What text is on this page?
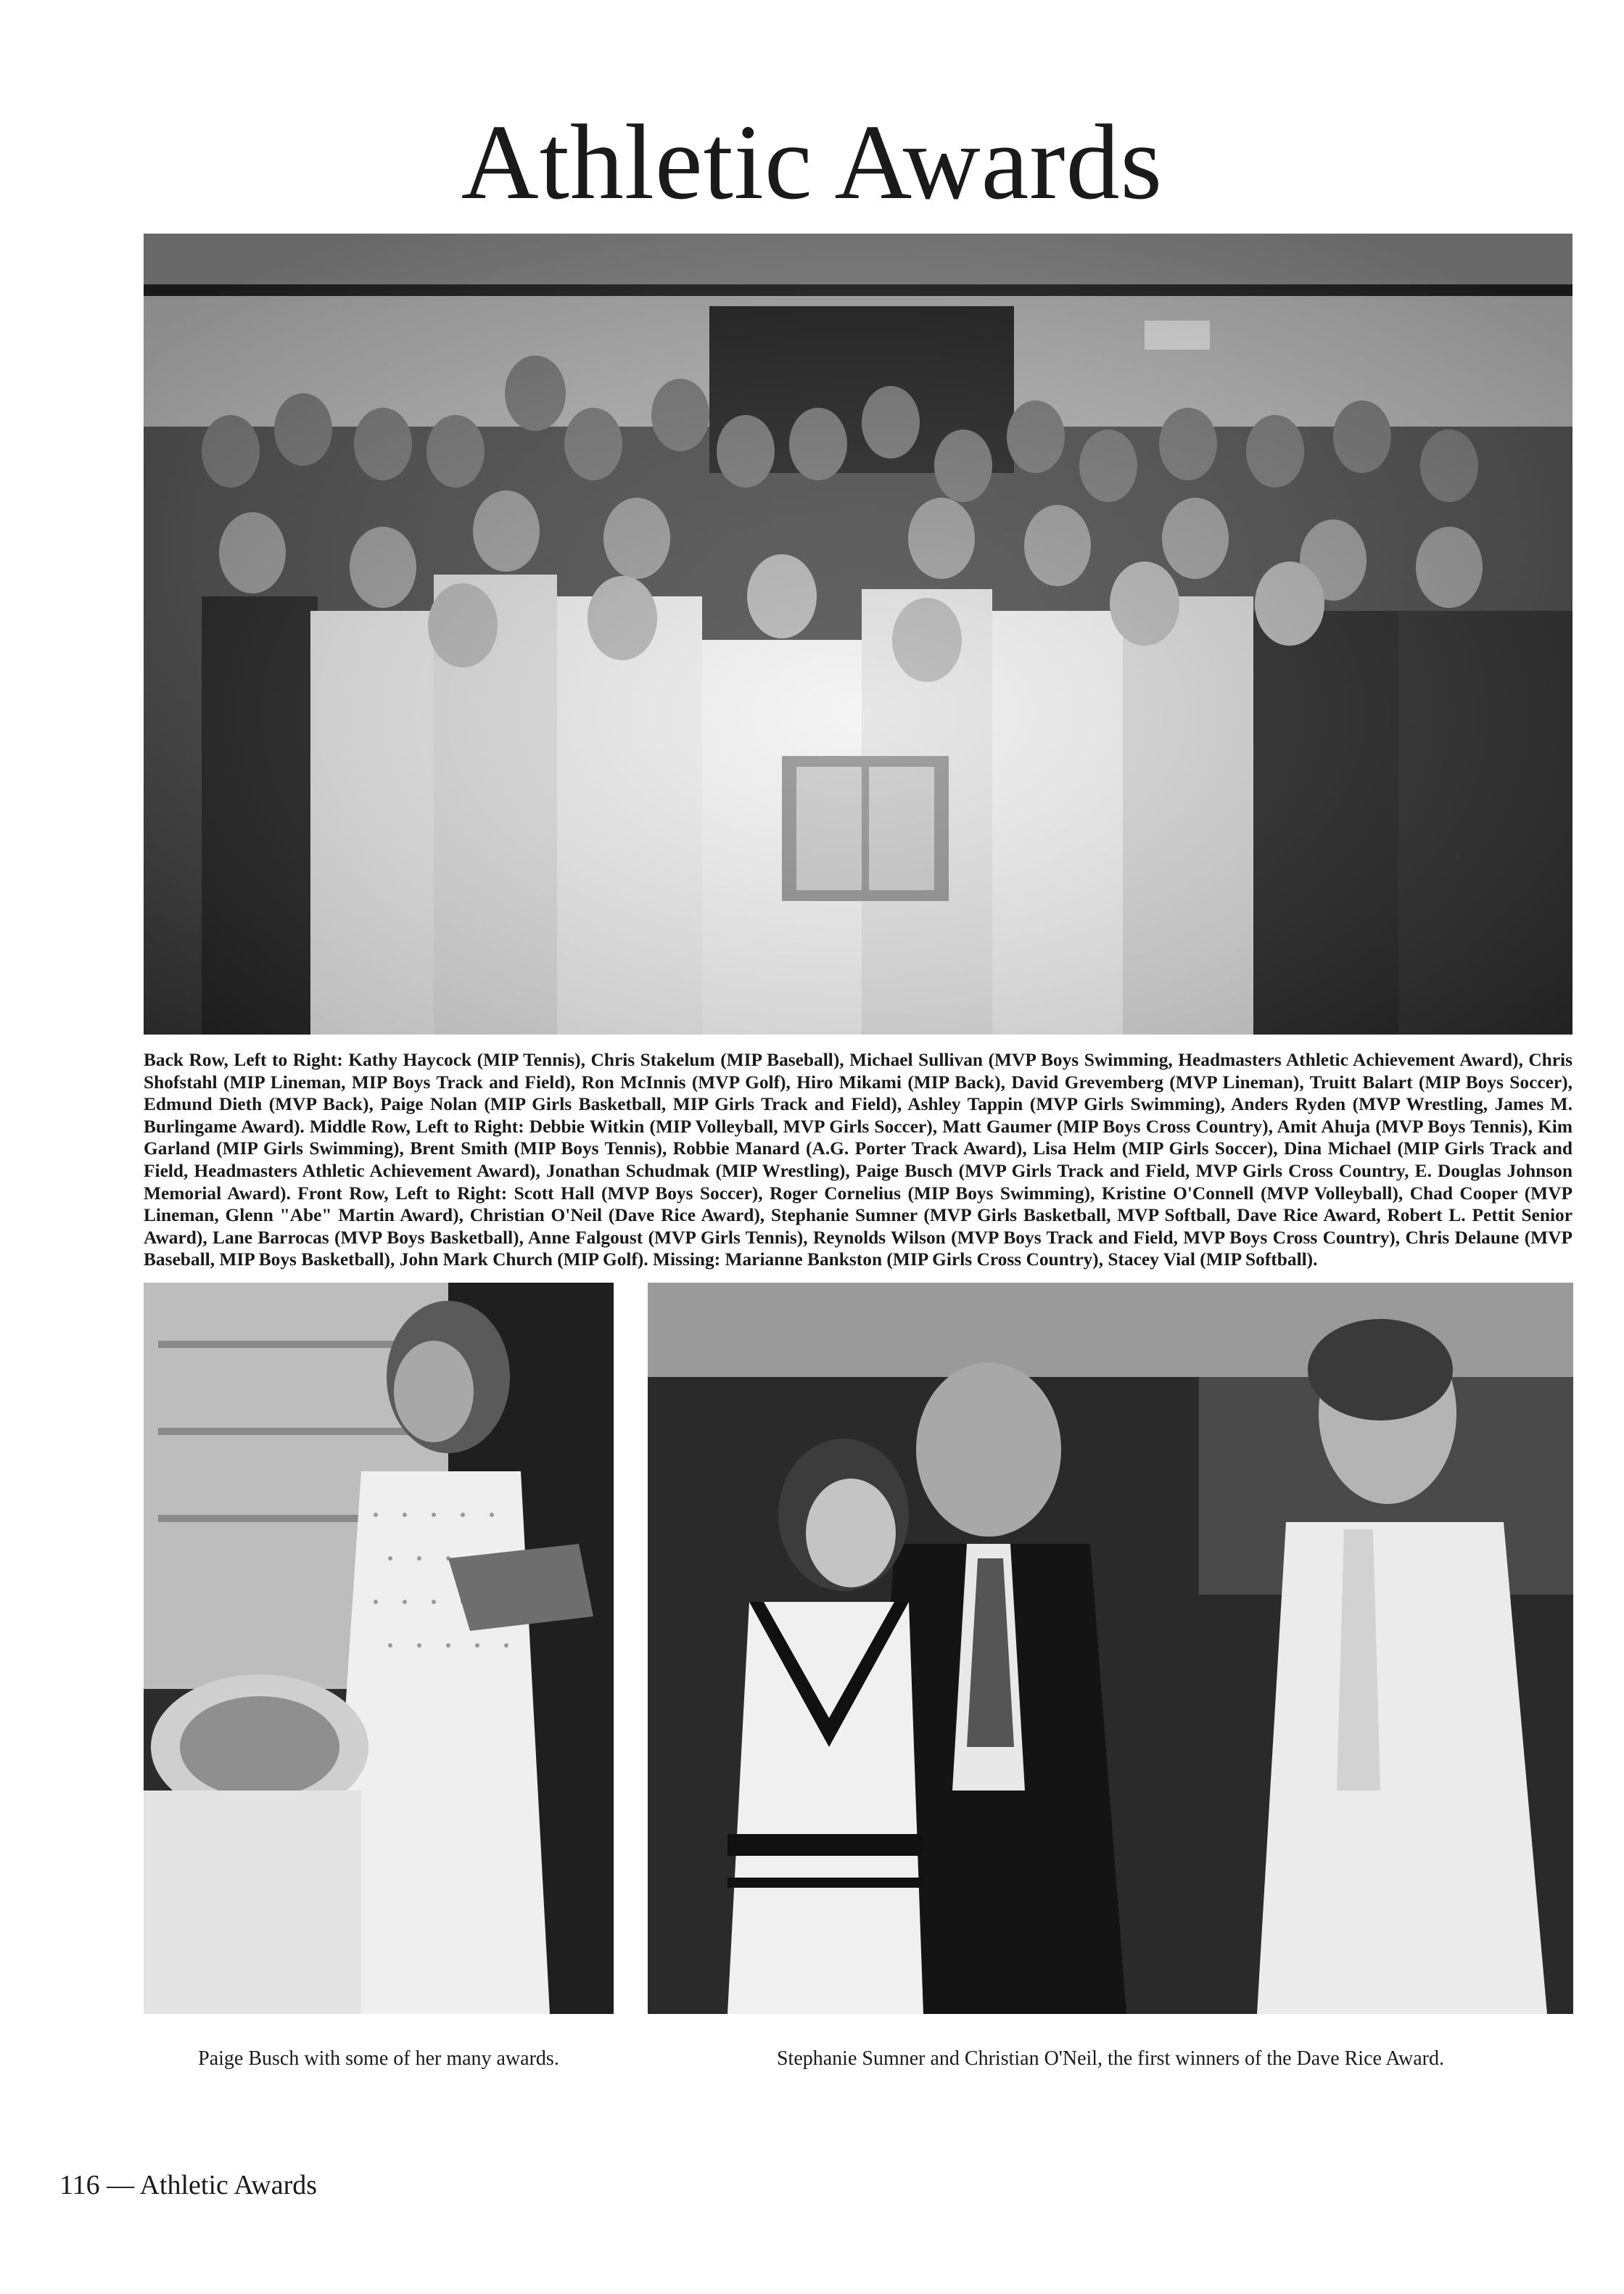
Athletic Awards

Back Row, Left to Right: Kathy Haycock (MIP Tennis), Chris Stakelum (MIP Baseball), Michael Sullivan (MVP Boys Swimming, Headmasters Athletic Achievement Award), Chris Shofstahl (MIP Lineman, MIP Boys Track and Field), Ron McInnis (MVP Golf), Hiro Mikami (MIP Back), David Grevemberg (MVP Lineman), Truitt Balart (MIP Boys Soccer), Edmund Dieth (MVP Back), Paige Nolan (MIP Girls Basketball, MIP Girls Track and Field), Ashley Tappin (MVP Girls Swimming), Anders Ryden (MVP Wrestling, James M. Burlingame Award). Middle Row, Left to Right: Debbie Witkin (MIP Volleyball, MVP Girls Soccer), Matt Gaumer (MIP Boys Cross Country), Amit Ahuja (MVP Boys Tennis), Kim Garland (MIP Girls Swimming), Brent Smith (MIP Boys Tennis), Robbie Manard (A.G. Porter Track Award), Lisa Helm (MIP Girls Soccer), Dina Michael (MIP Girls Track and Field, Headmasters Athletic Achievement Award), Jonathan Schudmak (MIP Wrestling), Paige Busch (MVP Girls Track and Field, MVP Girls Cross Country, E. Douglas Johnson Memorial Award). Front Row, Left to Right: Scott Hall (MVP Boys Soccer), Roger Cornelius (MIP Boys Swimming), Kristine O'Connell (MVP Volleyball), Chad Cooper (MVP Lineman, Glenn "Abe" Martin Award), Christian O'Neil (Dave Rice Award), Stephanie Sumner (MVP Girls Basketball, MVP Softball, Dave Rice Award, Robert L. Pettit Senior Award), Lane Barrocas (MVP Boys Basketball), Anne Falgoust (MVP Girls Tennis), Reynolds Wilson (MVP Boys Track and Field, MVP Boys Cross Country), Chris Delaune (MVP Baseball, MIP Boys Basketball), John Mark Church (MIP Golf). Missing: Marianne Bankston (MIP Girls Cross Country), Stacey Vial (MIP Softball).

Paige Busch with some of her many awards.	Stephanie Sumner and Christian O'Neil, the first winners of the Dave Rice Award.

116 — Athletic Awards
